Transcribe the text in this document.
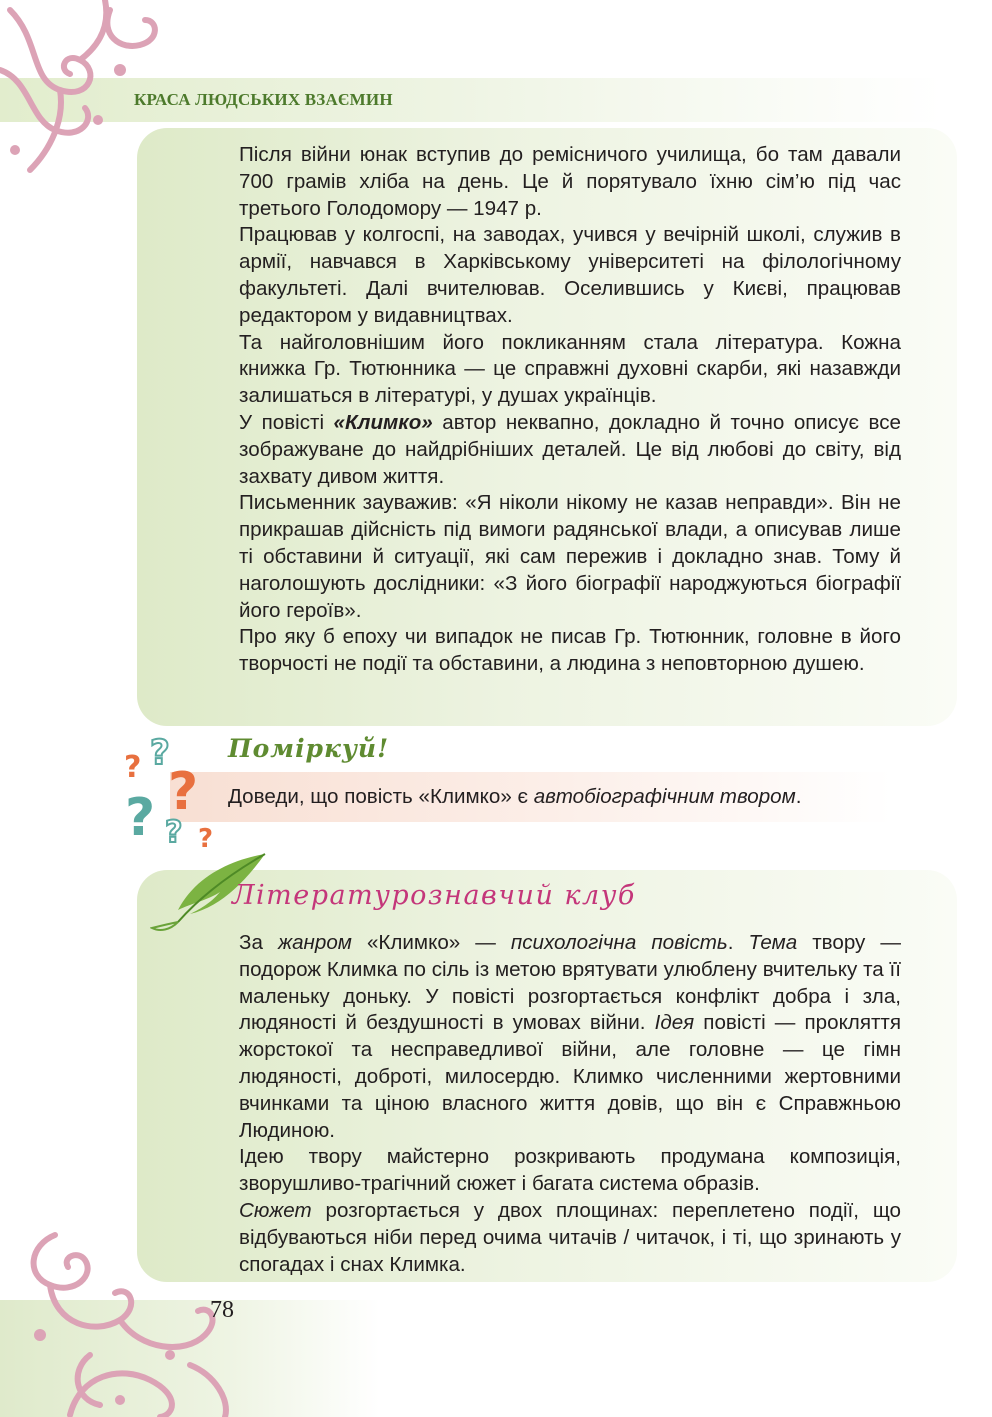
КРАСА ЛЮДСЬКИХ ВЗАЄМИН

Після війни юнак вступив до ремісничого училища, бо там давали 700 грамів хліба на день. Це й порятувало їхню сім’ю під час третього Голодомору — 1947 р.

Працював у колгоспі, на заводах, учився у вечірній школі, служив в армії, навчався в Харківському університеті на філологічному факультеті. Далі вчителював. Оселившись у Києві, працював редактором у видавництвах.

Та найголовнішим його покликанням стала література. Кожна книжка Гр. Тютюнника — це справжні духовні скарби, які назавжди залишаться в літературі, у душах українців.

У повісті «Климко» автор неквапно, докладно й точно описує все зображуване до найдрібніших деталей. Це від любові до світу, від захвату дивом життя.

Письменник зауважив: «Я ніколи нікому не казав неправди». Він не прикрашав дійсність під вимоги радянської влади, а описував лише ті обставини й ситуації, які сам пережив і докладно знав. Тому й наголошують дослідники: «З його біографії народжуються біографії його героїв».

Про яку б епоху чи випадок не писав Гр. Тютюнник, головне в його творчості не події та обставини, а людина з неповторною душею.

? ?
? ?
?
?
Поміркуй!
Доведи, що повість «Климко» є автобіографічним твором.
Літературознавчий клуб

За жанром «Климко» — психологічна повість. Тема твору — подорож Климка по сіль із метою врятувати улюблену вчительку та її маленьку доньку. У повісті розгортається конфлікт добра і зла, людяності й бездушності в умовах війни. Ідея повісті — прокляття жорстокої та несправедливої війни, але головне — це гімн людяності, доброті, милосердю. Климко численними жертовними вчинками та ціною власного життя довів, що він є Справжньою Людиною.

Ідею твору майстерно розкривають продумана композиція, зворушливо-трагічний сюжет і багата система образів.

Сюжет розгортається у двох площинах: переплетено події, що відбуваються ніби перед очима читачів / читачок, і ті, що зринають у спогадах і снах Климка.

78
